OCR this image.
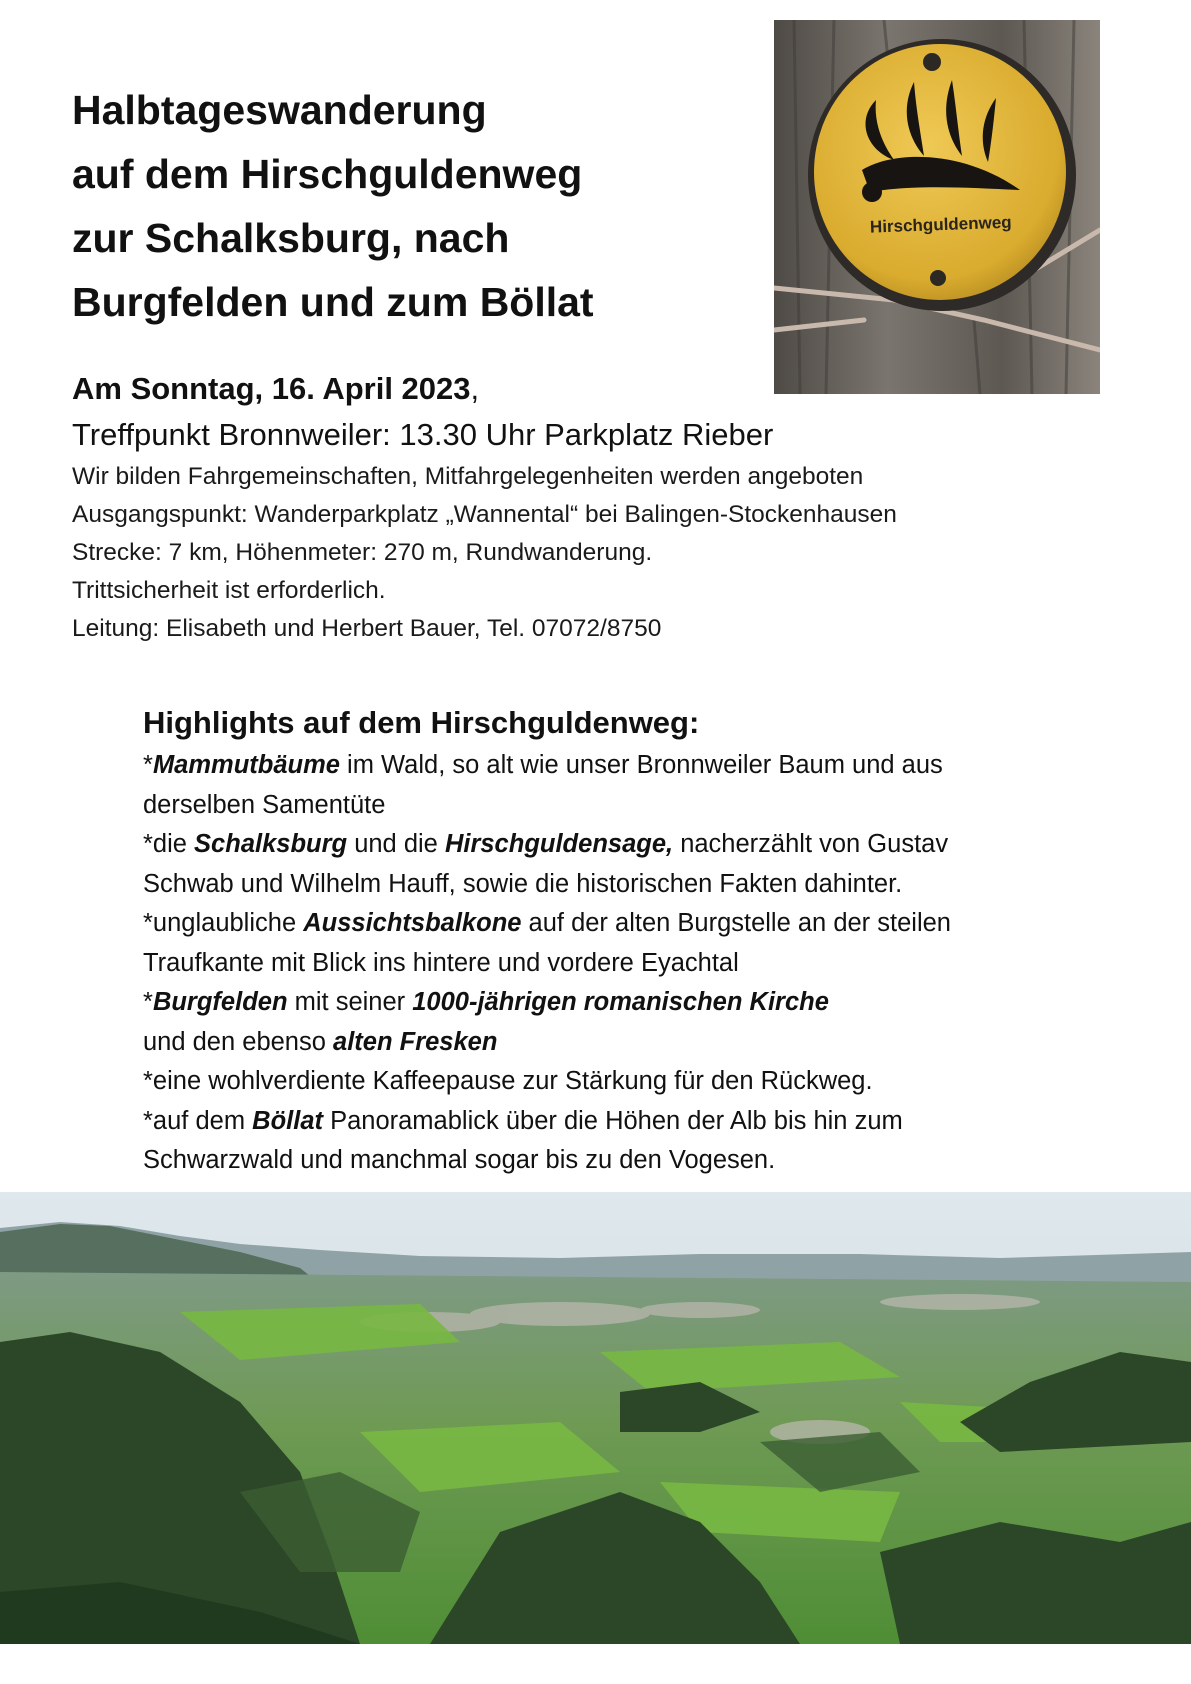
Halbtageswanderung
auf dem Hirschguldenweg
zur Schalksburg, nach
Burgfelden und zum Böllat
Hirschguldenweg
Am Sonntag, 16. April 2023,
Treffpunkt Bronnweiler: 13.30 Uhr Parkplatz Rieber
Wir bilden Fahrgemeinschaften, Mitfahrgelegenheiten werden angeboten
Ausgangspunkt: Wanderparkplatz „Wannental“ bei Balingen-Stockenhausen
Strecke: 7 km, Höhenmeter: 270 m, Rundwanderung.
Trittsicherheit ist erforderlich.
Leitung: Elisabeth und Herbert Bauer, Tel. 07072/8750
Highlights auf dem Hirschguldenweg:
*Mammutbäume im Wald, so alt wie unser Bronnweiler Baum und aus
derselben Samentüte
*die Schalksburg und die Hirschguldensage, nacherzählt von Gustav
Schwab und Wilhelm Hauff, sowie die historischen Fakten dahinter.
*unglaubliche Aussichtsbalkone auf der alten Burgstelle an der steilen
Traufkante mit Blick ins hintere und vordere Eyachtal
*Burgfelden mit seiner 1000-jährigen romanischen Kirche
und den ebenso alten Fresken
*eine wohlverdiente Kaffeepause zur Stärkung für den Rückweg.
*auf dem Böllat Panoramablick über die Höhen der Alb bis hin zum
Schwarzwald und manchmal sogar bis zu den Vogesen.
